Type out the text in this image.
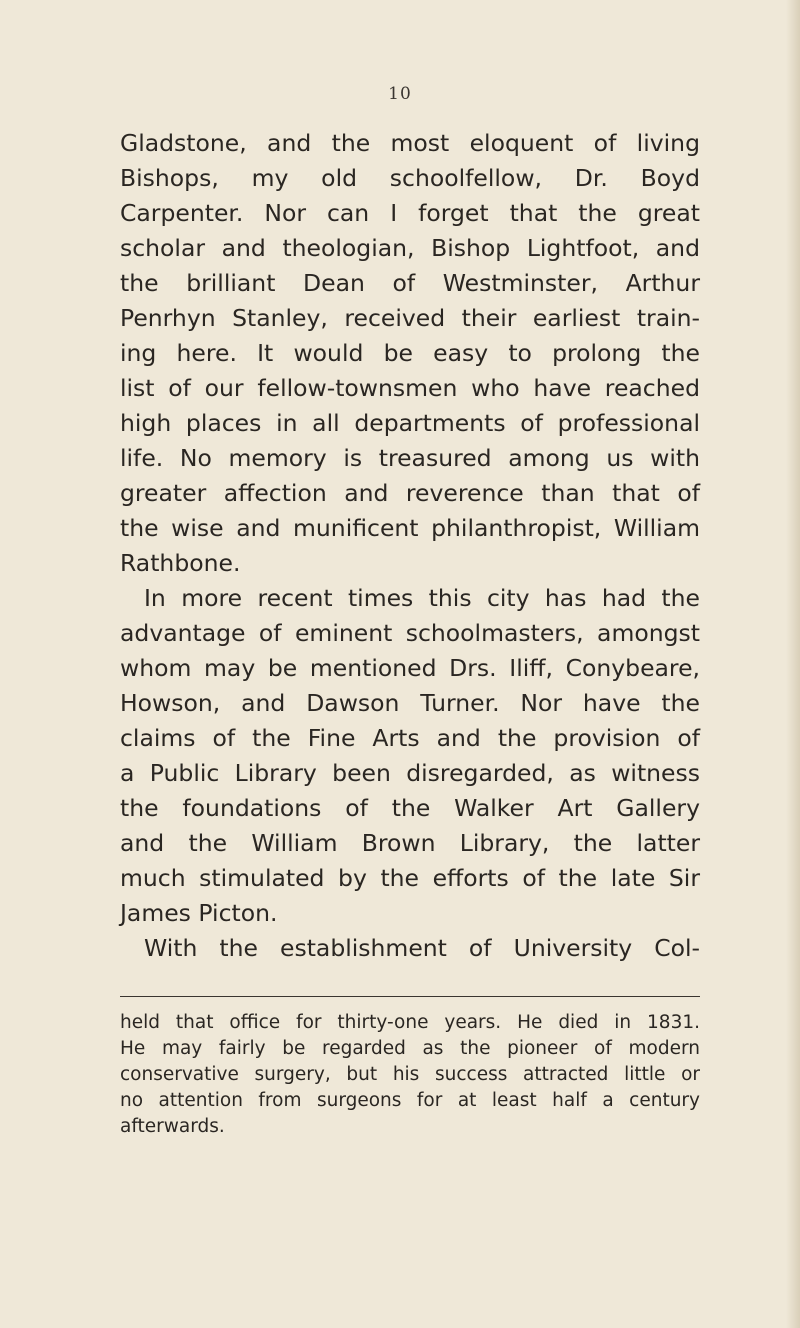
10
Gladstone, and the most eloquent of living
Bishops, my old schoolfellow, Dr. Boyd
Carpenter. Nor can I forget that the great
scholar and theologian, Bishop Lightfoot, and
the brilliant Dean of Westminster, Arthur
Penrhyn Stanley, received their earliest train-
ing here. It would be easy to prolong the
list of our fellow-townsmen who have reached
high places in all departments of professional
life. No memory is treasured among us with
greater affection and reverence than that of
the wise and munificent philanthropist, William
Rathbone.
In more recent times this city has had the
advantage of eminent schoolmasters, amongst
whom may be mentioned Drs. Iliff, Conybeare,
Howson, and Dawson Turner. Nor have the
claims of the Fine Arts and the provision of
a Public Library been disregarded, as witness
the foundations of the Walker Art Gallery
and the William Brown Library, the latter
much stimulated by the efforts of the late Sir
James Picton.
With the establishment of University Col-
held that office for thirty-one years. He died in 1831.
He may fairly be regarded as the pioneer of modern
conservative surgery, but his success attracted little or
no attention from surgeons for at least half a century
afterwards.
